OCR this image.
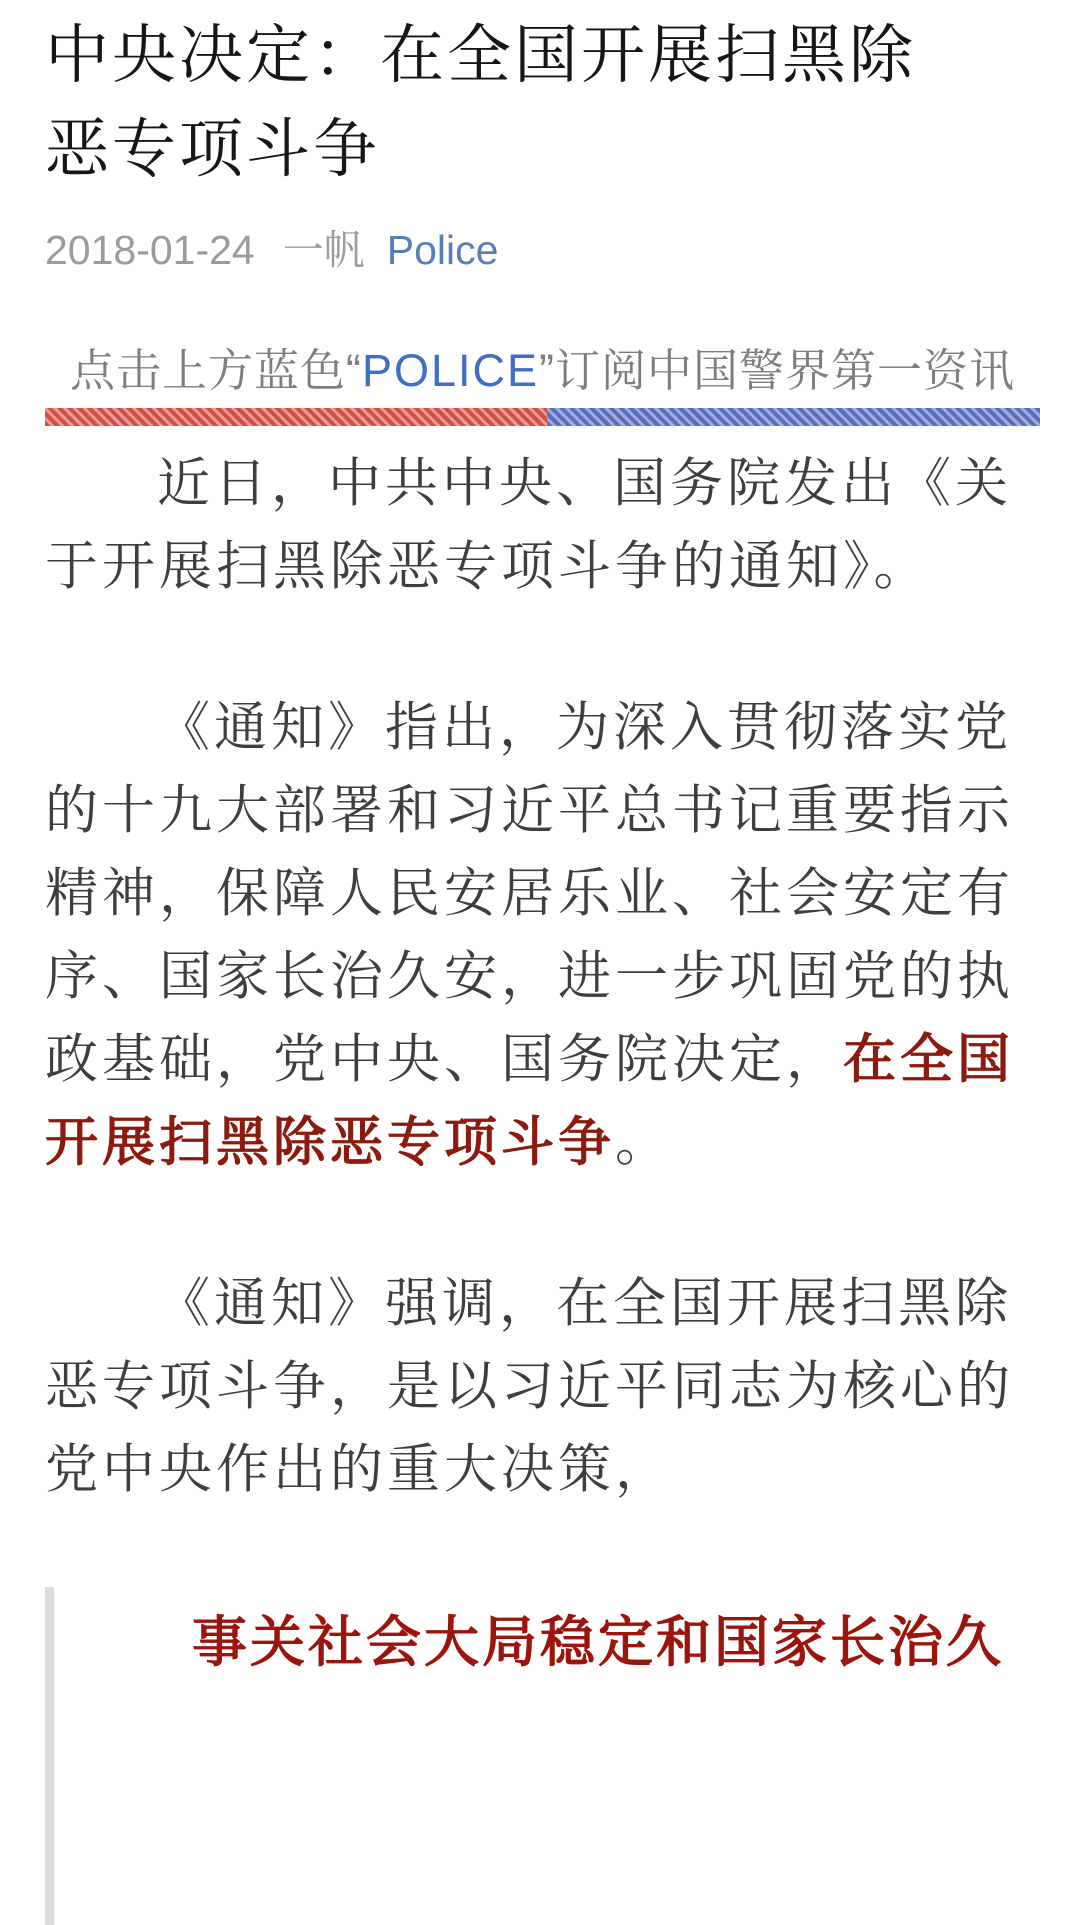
中央决定：在全国开展扫黑除恶专项斗争
2018-01-24 一帆 Police
点击上方蓝色“POLICE”订阅中国警界第一资讯

近日，中共中央、国务院发出《关于开展扫黑除恶专项斗争的通知》。

《通知》指出，为深入贯彻落实党的十九大部署和习近平总书记重要指示精神，保障人民安居乐业、社会安定有序、国家长治久安，进一步巩固党的执政基础，党中央、国务院决定，在全国开展扫黑除恶专项斗争。

《通知》强调，在全国开展扫黑除恶专项斗争，是以习近平同志为核心的党中央作出的重大决策，

事关社会大局稳定和国家长治久
